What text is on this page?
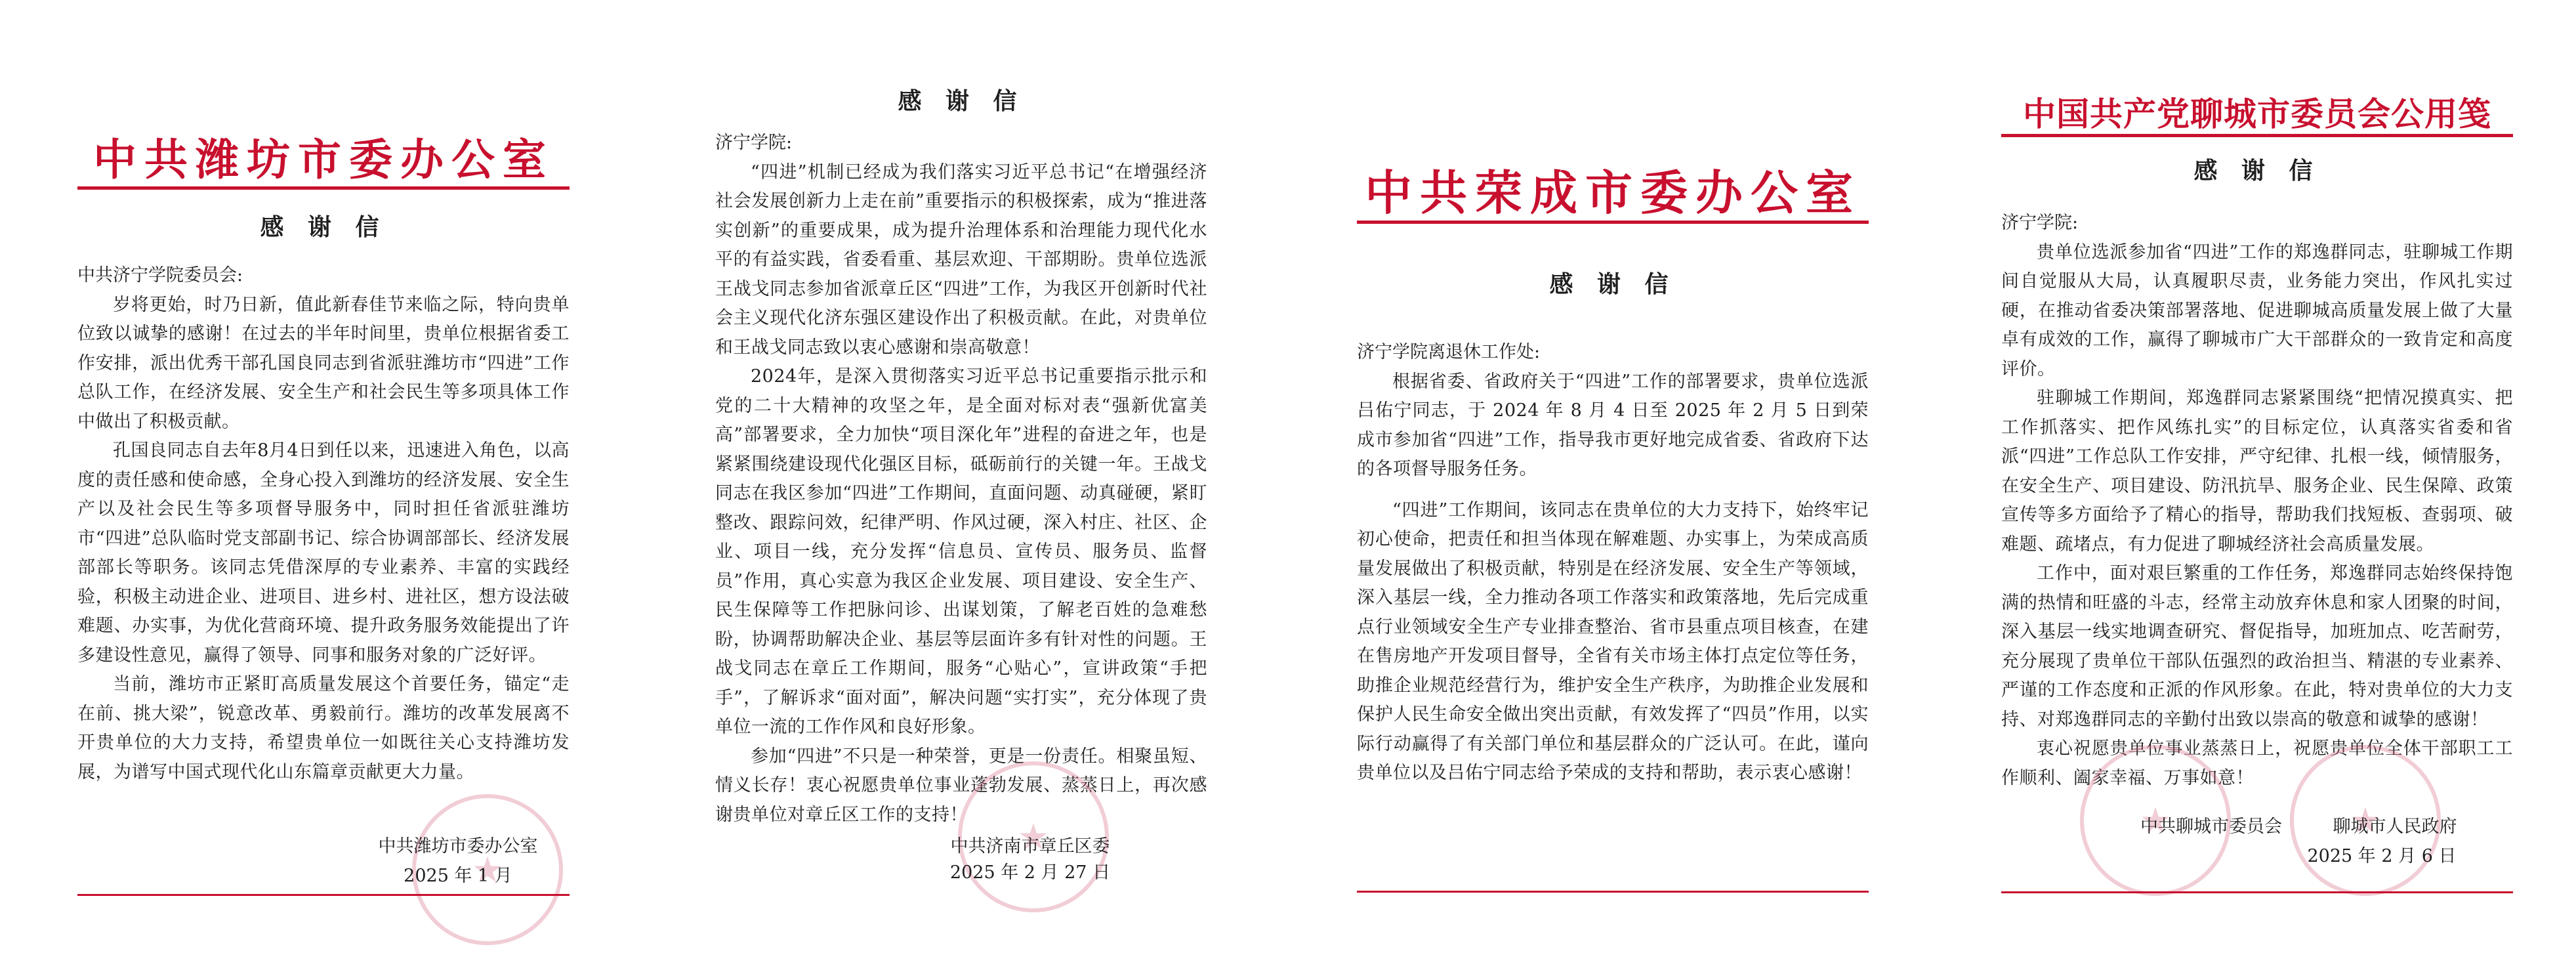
中共潍坊市委办公室
感 谢 信

中共济宁学院委员会:

岁将更始，时乃日新，值此新春佳节来临之际，特向贵单位致以诚挚的感谢！在过去的半年时间里，贵单位根据省委工作安排，派出优秀干部孔国良同志到省派驻潍坊市“四进”工作总队工作，在经济发展、安全生产和社会民生等多项具体工作中做出了积极贡献。

孔国良同志自去年8月4日到任以来，迅速进入角色，以高度的责任感和使命感，全身心投入到潍坊的经济发展、安全生产以及社会民生等多项督导服务中，同时担任省派驻潍坊市“四进”总队临时党支部副书记、综合协调部部长、经济发展部部长等职务。该同志凭借深厚的专业素养、丰富的实践经验，积极主动进企业、进项目、进乡村、进社区，想方设法破难题、办实事，为优化营商环境、提升政务服务效能提出了许多建设性意见，赢得了领导、同事和服务对象的广泛好评。

当前，潍坊市正紧盯高质量发展这个首要任务，锚定“走在前、挑大梁”，锐意改革、勇毅前行。潍坊的改革发展离不开贵单位的大力支持，希望贵单位一如既往关心支持潍坊发展，为谱写中国式现代化山东篇章贡献更大力量。

★
中共潍坊市委办公室
2025 年 1 月
感 谢 信

济宁学院:

“四进”机制已经成为我们落实习近平总书记“在增强经济社会发展创新力上走在前”重要指示的积极探索，成为“推进落实创新”的重要成果，成为提升治理体系和治理能力现代化水平的有益实践，省委看重、基层欢迎、干部期盼。贵单位选派王战戈同志参加省派章丘区“四进”工作，为我区开创新时代社会主义现代化济东强区建设作出了积极贡献。在此，对贵单位和王战戈同志致以衷心感谢和崇高敬意！

2024年，是深入贯彻落实习近平总书记重要指示批示和党的二十大精神的攻坚之年，是全面对标对表“强新优富美高”部署要求，全力加快“项目深化年”进程的奋进之年，也是紧紧围绕建设现代化强区目标，砥砺前行的关键一年。王战戈同志在我区参加“四进”工作期间，直面问题、动真碰硬，紧盯整改、跟踪问效，纪律严明、作风过硬，深入村庄、社区、企业、项目一线，充分发挥“信息员、宣传员、服务员、监督员”作用，真心实意为我区企业发展、项目建设、安全生产、民生保障等工作把脉问诊、出谋划策，了解老百姓的急难愁盼，协调帮助解决企业、基层等层面许多有针对性的问题。王战戈同志在章丘工作期间，服务“心贴心”，宣讲政策“手把手”，了解诉求“面对面”，解决问题“实打实”，充分体现了贵单位一流的工作作风和良好形象。

参加“四进”不只是一种荣誉，更是一份责任。相聚虽短、情义长存！衷心祝愿贵单位事业蓬勃发展、蒸蒸日上，再次感谢贵单位对章丘区工作的支持！

★
中共济南市章丘区委
2025 年 2 月 27 日
中共荣成市委办公室
感 谢 信

济宁学院离退休工作处:

根据省委、省政府关于“四进”工作的部署要求，贵单位选派吕佑宁同志，于 2024 年 8 月 4 日至 2025 年 2 月 5 日到荣成市参加省“四进”工作，指导我市更好地完成省委、省政府下达的各项督导服务任务。

“四进”工作期间，该同志在贵单位的大力支持下，始终牢记初心使命，把责任和担当体现在解难题、办实事上，为荣成高质量发展做出了积极贡献，特别是在经济发展、安全生产等领域，深入基层一线，全力推动各项工作落实和政策落地，先后完成重点行业领域安全生产专业排查整治、省市县重点项目核查，在建在售房地产开发项目督导，全省有关市场主体打点定位等任务，助推企业规范经营行为，维护安全生产秩序，为助推企业发展和保护人民生命安全做出突出贡献，有效发挥了“四员”作用，以实际行动赢得了有关部门单位和基层群众的广泛认可。在此，谨向贵单位以及吕佑宁同志给予荣成的支持和帮助，表示衷心感谢！

中国共产党聊城市委员会公用笺
感 谢 信

济宁学院:

贵单位选派参加省“四进”工作的郑逸群同志，驻聊城工作期间自觉服从大局，认真履职尽责，业务能力突出，作风扎实过硬，在推动省委决策部署落地、促进聊城高质量发展上做了大量卓有成效的工作，赢得了聊城市广大干部群众的一致肯定和高度评价。

驻聊城工作期间，郑逸群同志紧紧围绕“把情况摸真实、把工作抓落实、把作风练扎实”的目标定位，认真落实省委和省派“四进”工作总队工作安排，严守纪律、扎根一线，倾情服务，在安全生产、项目建设、防汛抗旱、服务企业、民生保障、政策宣传等多方面给予了精心的指导，帮助我们找短板、查弱项、破难题、疏堵点，有力促进了聊城经济社会高质量发展。

工作中，面对艰巨繁重的工作任务，郑逸群同志始终保持饱满的热情和旺盛的斗志，经常主动放弃休息和家人团聚的时间，深入基层一线实地调查研究、督促指导，加班加点、吃苦耐劳，充分展现了贵单位干部队伍强烈的政治担当、精湛的专业素养、严谨的工作态度和正派的作风形象。在此，特对贵单位的大力支持、对郑逸群同志的辛勤付出致以崇高的敬意和诚挚的感谢！

衷心祝愿贵单位事业蒸蒸日上，祝愿贵单位全体干部职工工作顺利、阖家幸福、万事如意！

★
★
中共聊城市委员会	聊城市人民政府
2025 年 2 月 6 日
